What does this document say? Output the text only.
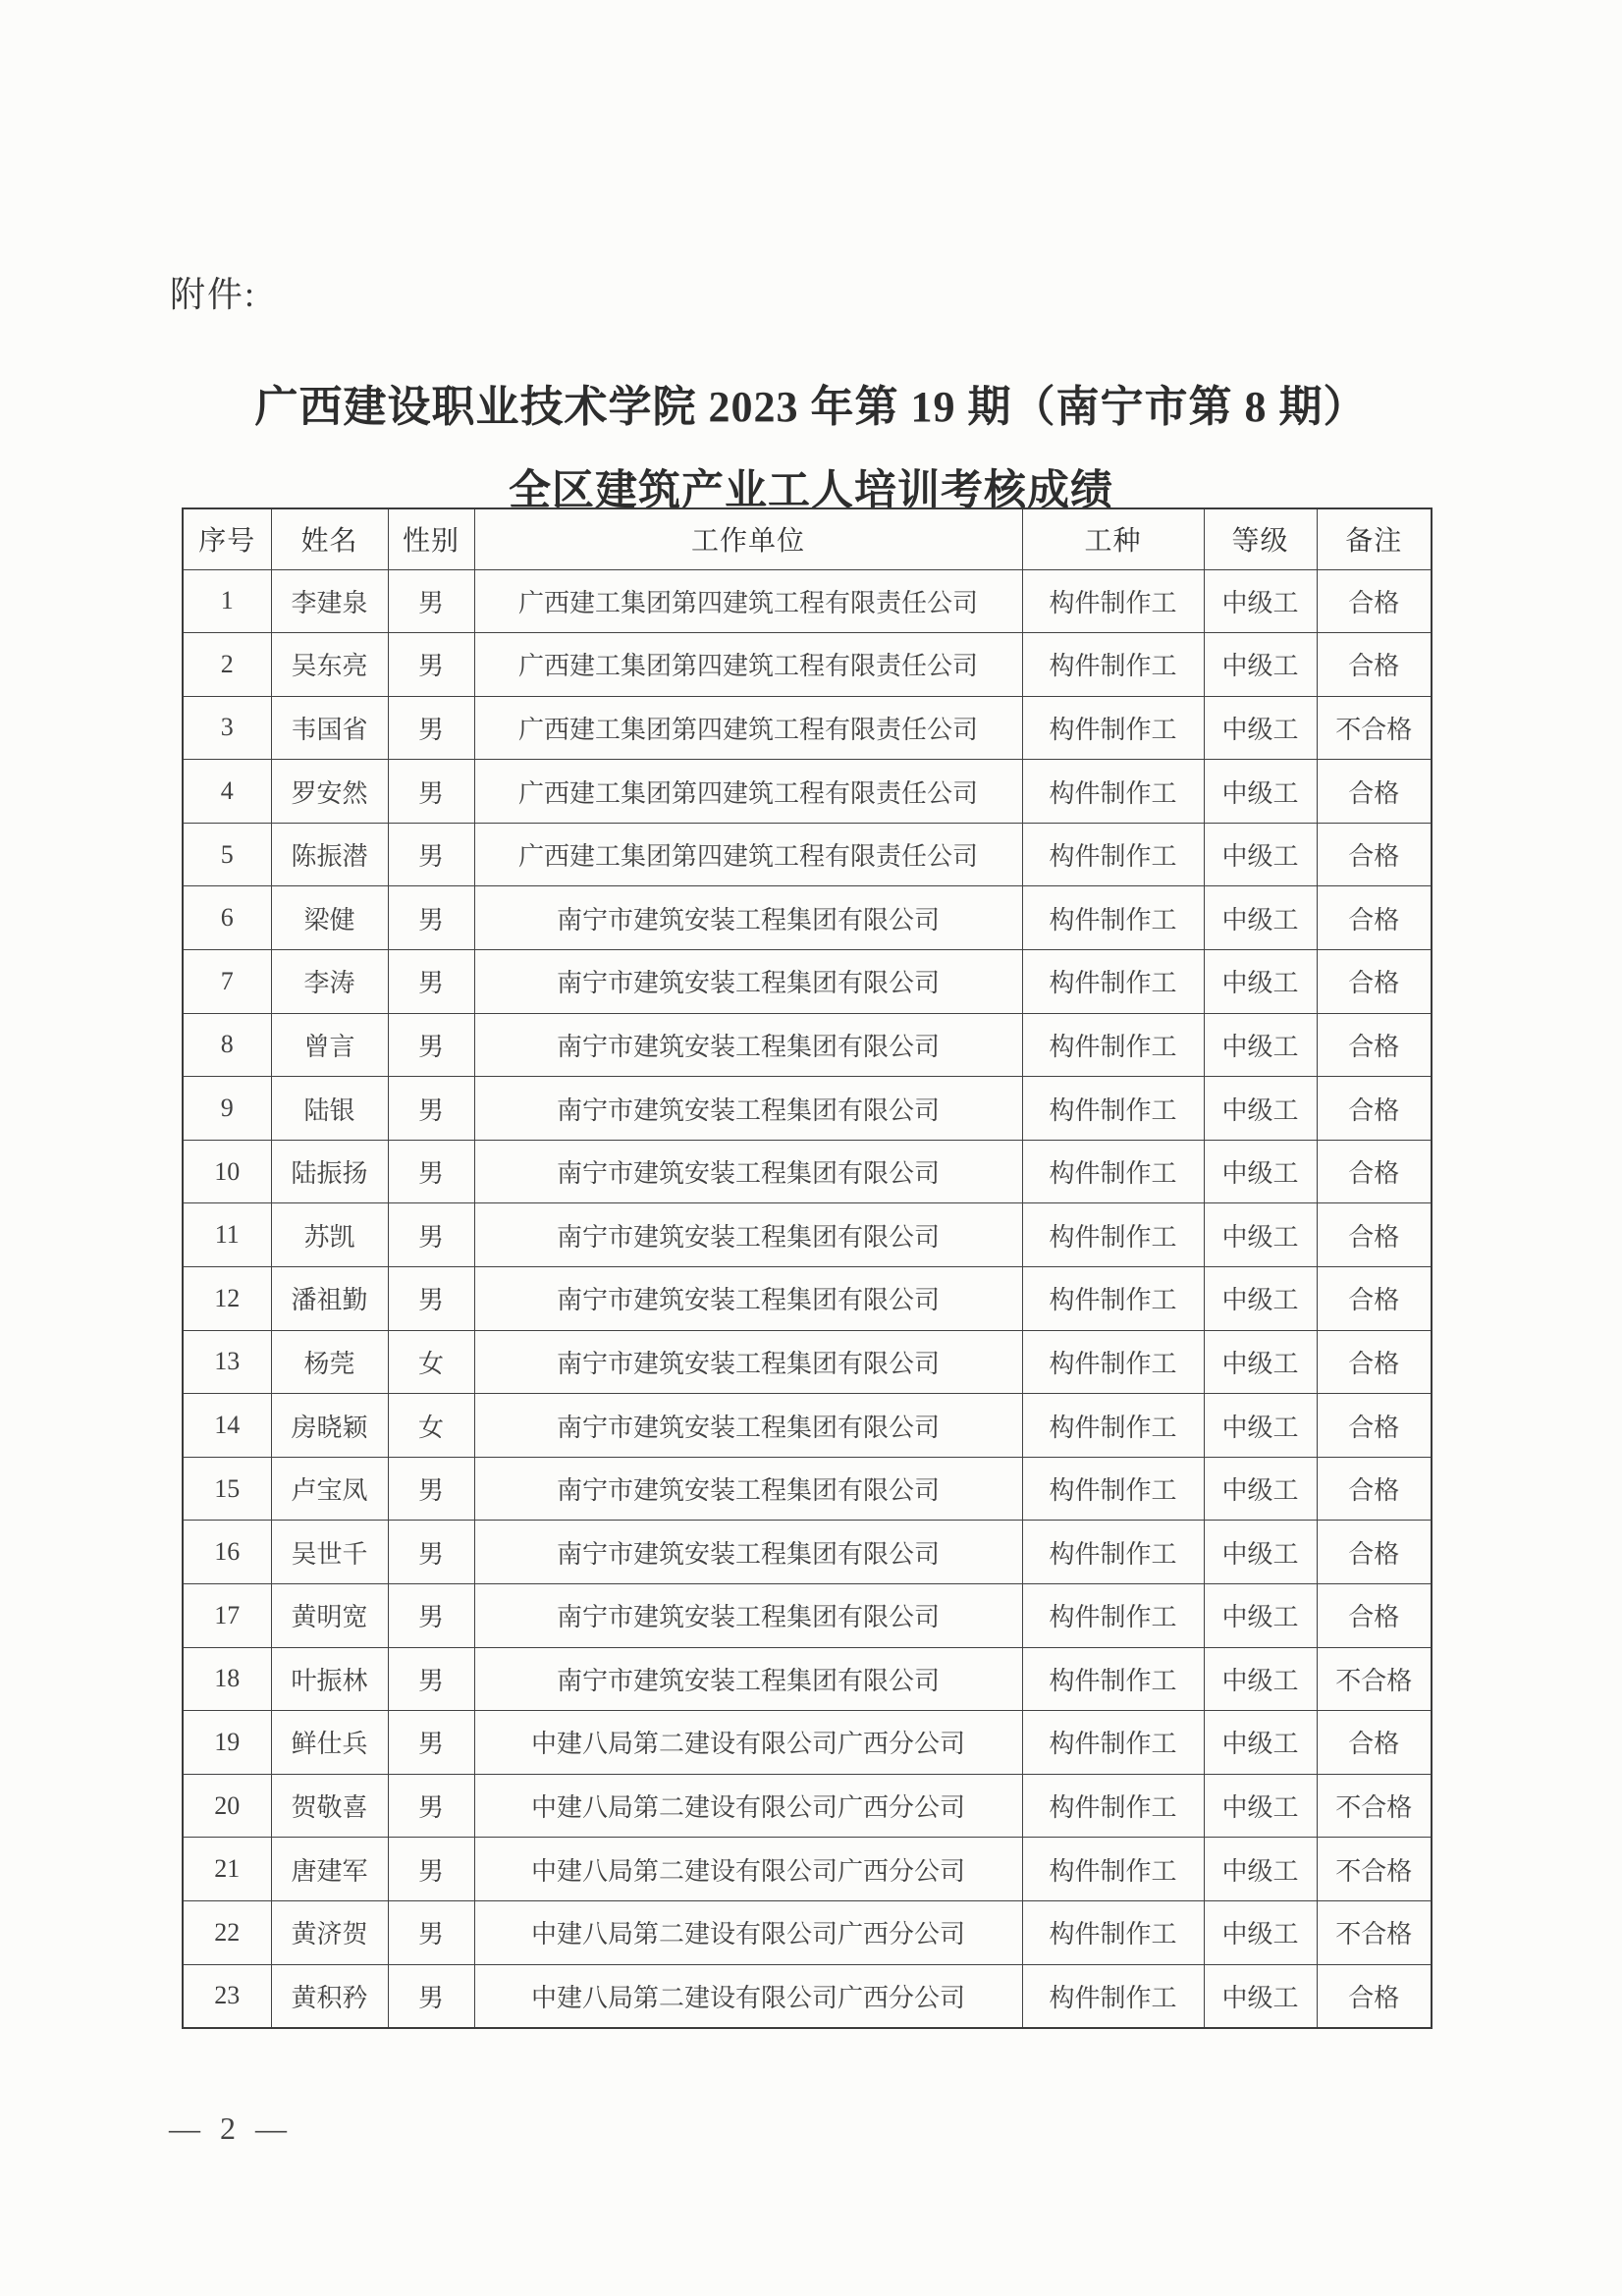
附件:
广西建设职业技术学院 2023 年第 19 期（南宁市第 8 期）
全区建筑产业工人培训考核成绩
序号	姓名	性别	工作单位	工种	等级	备注
1	李建泉	男	广西建工集团第四建筑工程有限责任公司	构件制作工	中级工	合格
2	吴东亮	男	广西建工集团第四建筑工程有限责任公司	构件制作工	中级工	合格
3	韦国省	男	广西建工集团第四建筑工程有限责任公司	构件制作工	中级工	不合格
4	罗安然	男	广西建工集团第四建筑工程有限责任公司	构件制作工	中级工	合格
5	陈振潜	男	广西建工集团第四建筑工程有限责任公司	构件制作工	中级工	合格
6	梁健	男	南宁市建筑安装工程集团有限公司	构件制作工	中级工	合格
7	李涛	男	南宁市建筑安装工程集团有限公司	构件制作工	中级工	合格
8	曾言	男	南宁市建筑安装工程集团有限公司	构件制作工	中级工	合格
9	陆银	男	南宁市建筑安装工程集团有限公司	构件制作工	中级工	合格
10	陆振扬	男	南宁市建筑安装工程集团有限公司	构件制作工	中级工	合格
11	苏凯	男	南宁市建筑安装工程集团有限公司	构件制作工	中级工	合格
12	潘祖勤	男	南宁市建筑安装工程集团有限公司	构件制作工	中级工	合格
13	杨莞	女	南宁市建筑安装工程集团有限公司	构件制作工	中级工	合格
14	房晓颖	女	南宁市建筑安装工程集团有限公司	构件制作工	中级工	合格
15	卢宝凤	男	南宁市建筑安装工程集团有限公司	构件制作工	中级工	合格
16	吴世千	男	南宁市建筑安装工程集团有限公司	构件制作工	中级工	合格
17	黄明宽	男	南宁市建筑安装工程集团有限公司	构件制作工	中级工	合格
18	叶振林	男	南宁市建筑安装工程集团有限公司	构件制作工	中级工	不合格
19	鲜仕兵	男	中建八局第二建设有限公司广西分公司	构件制作工	中级工	合格
20	贺敬喜	男	中建八局第二建设有限公司广西分公司	构件制作工	中级工	不合格
21	唐建军	男	中建八局第二建设有限公司广西分公司	构件制作工	中级工	不合格
22	黄济贺	男	中建八局第二建设有限公司广西分公司	构件制作工	中级工	不合格
23	黄积矜	男	中建八局第二建设有限公司广西分公司	构件制作工	中级工	合格
— 2 —
